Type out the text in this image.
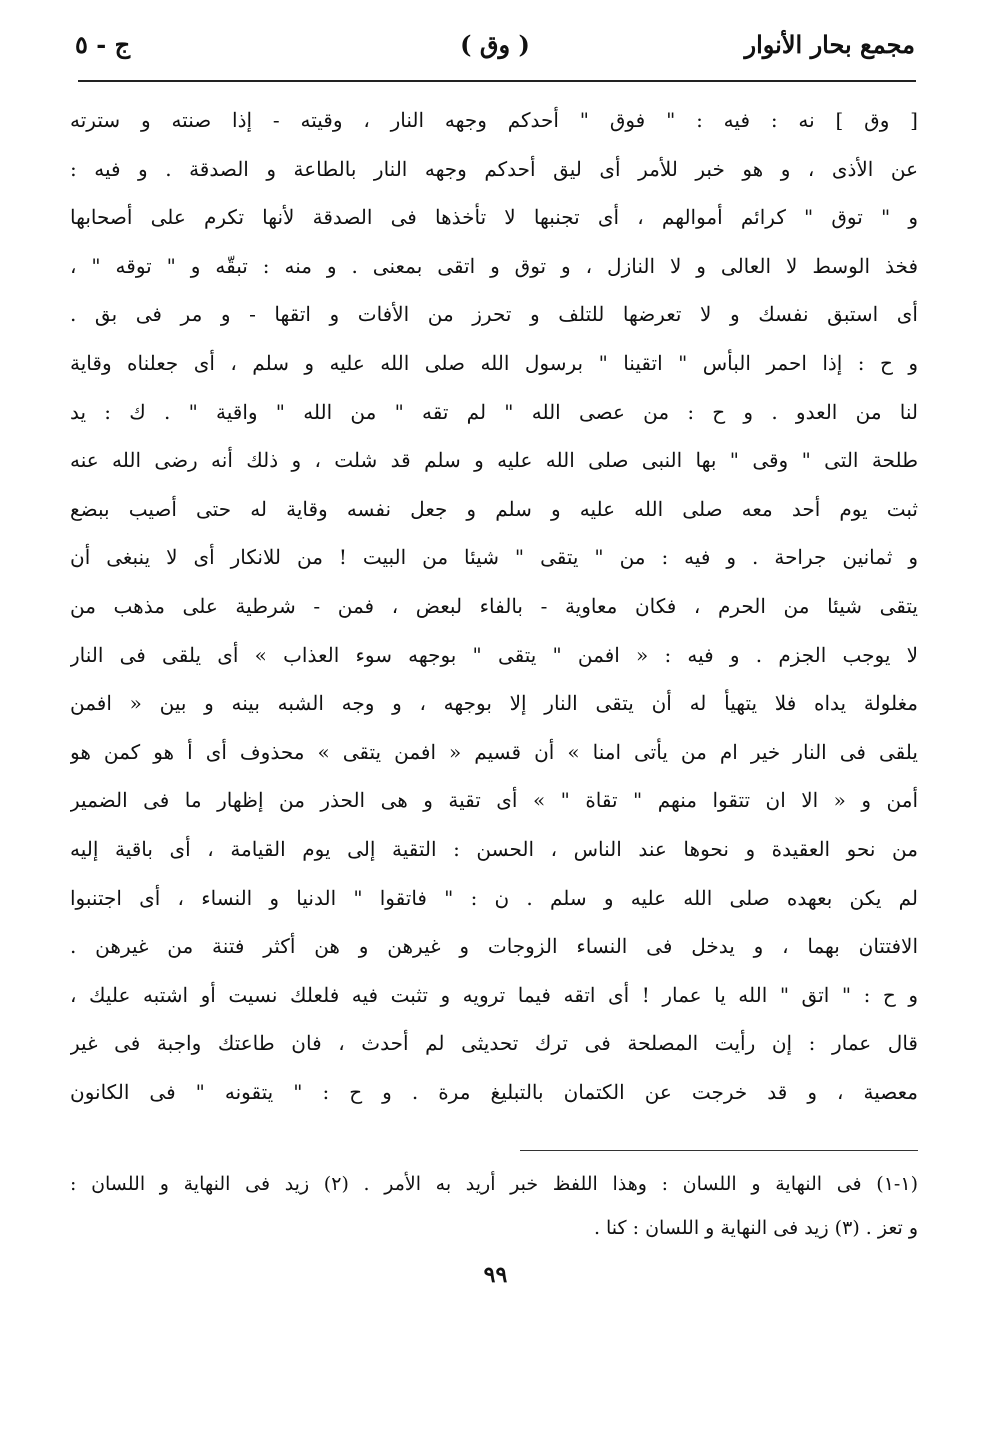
مجمع بحار الأنوار
( وق )
ج - ٥
[ وق ] نه : فيه : " فوق " أحدكم وجهه النار ، وقيته - إذا صنته و سترته
عن الأذى ، و هو خبر للأمر أى ليق أحدكم وجهه النار بالطاعة و الصدقة . و فيه :
و " توق " كرائم أموالهم ، أى تجنبها لا تأخذها فى الصدقة لأنها تكرم على أصحابها
فخذ الوسط لا العالى و لا النازل ، و توق و اتقى بمعنى . و منه : تبقّه و " توقه " ،
أى استبق نفسك و لا تعرضها للتلف و تحرز من الأفات و اتقها - و مر فى بق .
و ح : إذا احمر البأس " اتقينا " برسول الله صلى الله عليه و سلم ، أى جعلناه وقاية
لنا من العدو . و ح : من عصى الله " لم تقه " من الله " واقية " . ك : يد
طلحة التى " وقى " بها النبى صلى الله عليه و سلم قد شلت ، و ذلك أنه رضى الله عنه
ثبت يوم أحد معه صلى الله عليه و سلم و جعل نفسه وقاية له حتى أصيب ببضع
و ثمانين جراحة . و فيه : من " يتقى " شيئا من البيت ! من للانكار أى لا ينبغى أن
يتقى شيئا من الحرم ، فكان معاوية - بالفاء لبعض ، فمن - شرطية على مذهب من
لا يوجب الجزم . و فيه : « افمن " يتقى " بوجهه سوء العذاب » أى يلقى فى النار
مغلولة يداه فلا يتهيأ له أن يتقى النار إلا بوجهه ، و وجه الشبه بينه و بين « افمن
يلقى فى النار خير ام من يأتى امنا » أن قسيم « افمن يتقى » محذوف أى أ هو كمن هو
أمن و « الا ان تتقوا منهم " تقاة " » أى تقية و هى الحذر من إظهار ما فى الضمير
من نحو العقيدة و نحوها عند الناس ، الحسن : التقية إلى يوم القيامة ، أى باقية إليه
لم يكن بعهده صلى الله عليه و سلم . ن : " فاتقوا " الدنيا و النساء ، أى اجتنبوا
الافتتان بهما ، و يدخل فى النساء الزوجات و غيرهن و هن أكثر فتنة من غيرهن .
و ح : " اتق " الله يا عمار ! أى اتقه فيما ترويه و تثبت فيه فلعلك نسيت أو اشتبه عليك ،
قال عمار : إن رأيت المصلحة فى ترك تحديثى لم أحدث ، فان طاعتك واجبة فى غير
معصية ، و قد خرجت عن الكتمان بالتبليغ مرة . و ح : " يتقونه " فى الكانون
(١-١) فى النهاية و اللسان : وهذا اللفظ خبر أريد به الأمر . (٢) زيد فى النهاية و اللسان :
و تعز . (٣) زيد فى النهاية و اللسان : كنا .
٩٩
